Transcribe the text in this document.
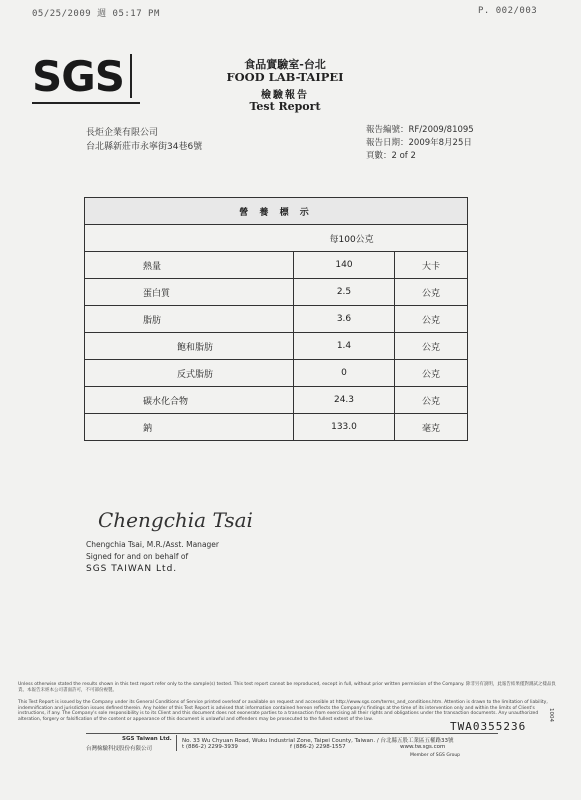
05/25/2009 週 05:17 PM	P. 002/003
SGS	食品實驗室-台北
FOOD LAB-TAIPEI
檢驗報告
Test Report
長炬企業有限公司
台北縣新莊市永寧街34巷6號
報告編號：RF/2009/81095
報告日期：2009年8月25日
頁數：2 of 2
營 養 標 示		
	每100公克	
熱量	140	大卡
蛋白質	2.5	公克
脂肪	3.6	公克
飽和脂肪	1.4	公克
反式脂肪	0	公克
碳水化合物	24.3	公克
鈉	133.0	毫克
Chengchia Tsai
Chengchia Tsai, M.R./Asst. Manager
Signed for and on behalf of
SGS TAIWAN Ltd.
Unless otherwise stated the results shown in this test report refer only to the sample(s) tested. This test report cannot be reproduced, except in full, without prior written permission of the Company. 除非另有說明，此報告結果僅對測試之樣品負責。本報告未經本公司書面許可，不可部份複製。
This Test Report is issued by the Company under its General Conditions of Service printed overleaf or available on request and accessible at http://www.sgs.com/terms_and_conditions.htm. Attention is drawn to the limitation of liability, indemnification and jurisdiction issues defined therein. Any holder of this Test Report is advised that information contained hereon reflects the Company's findings at the time of its intervention only and within the limits of Client's instructions, if any. The Company's sole responsibility is to its Client and this document does not exonerate parties to a transaction from exercising all their rights and obligations under the transaction documents. Any unauthorized alteration, forgery or falsification of the content or appearance of this document is unlawful and offenders may be prosecuted to the fullest extent of the law.
TWA0355236
1004
SGS Taiwan Ltd.
台灣檢驗科技股份有限公司
No. 33 Wu Chyuan Road, Wuku Industrial Zone, Taipei County, Taiwan. / 台北縣五股工業區五權路33號
t (886-2) 2299-3939	f (886-2) 2298-1557	www.tw.sgs.com
Member of SGS Group
